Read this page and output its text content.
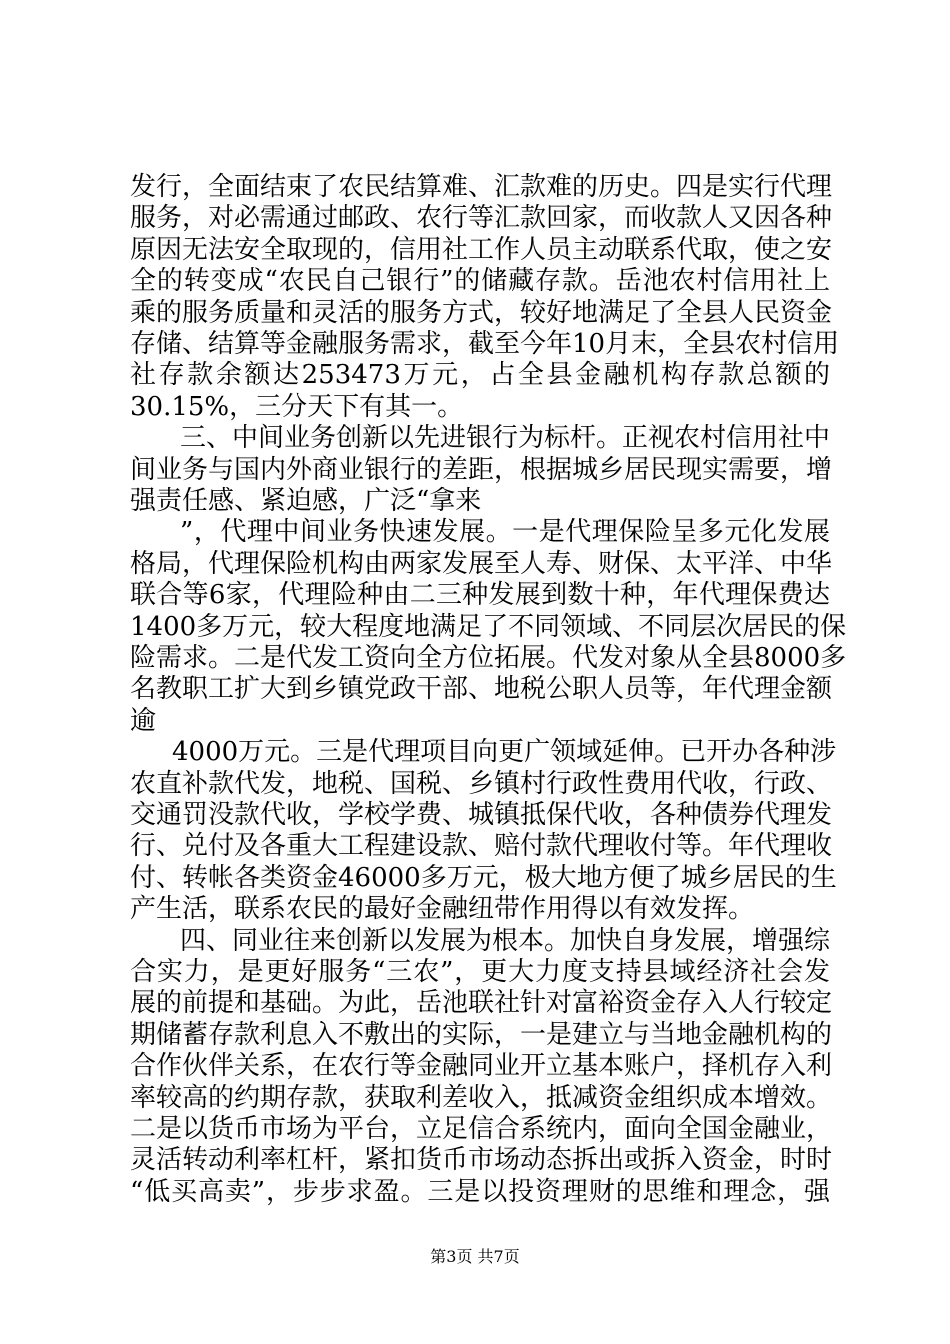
发行，全面结束了农民结算难、汇款难的历史。四是实行代理
服务，对必需通过邮政、农行等汇款回家，而收款人又因各种
原因无法安全取现的，信用社工作人员主动联系代取，使之安
全的转变成“农民自己银行”的储藏存款。岳池农村信用社上
乘的服务质量和灵活的服务方式，较好地满足了全县人民资金
存储、结算等金融服务需求，截至今年10月末，全县农村信用
社存款余额达253473万元，占全县金融机构存款总额的
30.15%，三分天下有其一。
三、中间业务创新以先进银行为标杆。正视农村信用社中
间业务与国内外商业银行的差距，根据城乡居民现实需要，增
强责任感、紧迫感，广泛“拿来
”，代理中间业务快速发展。一是代理保险呈多元化发展
格局，代理保险机构由两家发展至人寿、财保、太平洋、中华
联合等6家，代理险种由二三种发展到数十种，年代理保费达
1400多万元，较大程度地满足了不同领域、不同层次居民的保
险需求。二是代发工资向全方位拓展。代发对象从全县8000多
名教职工扩大到乡镇党政干部、地税公职人员等，年代理金额
逾
4000万元。三是代理项目向更广领域延伸。已开办各种涉
农直补款代发，地税、国税、乡镇村行政性费用代收，行政、
交通罚没款代收，学校学费、城镇抵保代收，各种债券代理发
行、兑付及各重大工程建设款、赔付款代理收付等。年代理收
付、转帐各类资金46000多万元，极大地方便了城乡居民的生
产生活，联系农民的最好金融纽带作用得以有效发挥。
四、同业往来创新以发展为根本。加快自身发展，增强综
合实力，是更好服务“三农”，更大力度支持县域经济社会发
展的前提和基础。为此，岳池联社针对富裕资金存入人行较定
期储蓄存款利息入不敷出的实际，一是建立与当地金融机构的
合作伙伴关系，在农行等金融同业开立基本账户，择机存入利
率较高的约期存款，获取利差收入，抵减资金组织成本增效。
二是以货币市场为平台，立足信合系统内，面向全国金融业，
灵活转动利率杠杆，紧扣货币市场动态拆出或拆入资金，时时
“低买高卖”，步步求盈。三是以投资理财的思维和理念，强
第3页 共7页
